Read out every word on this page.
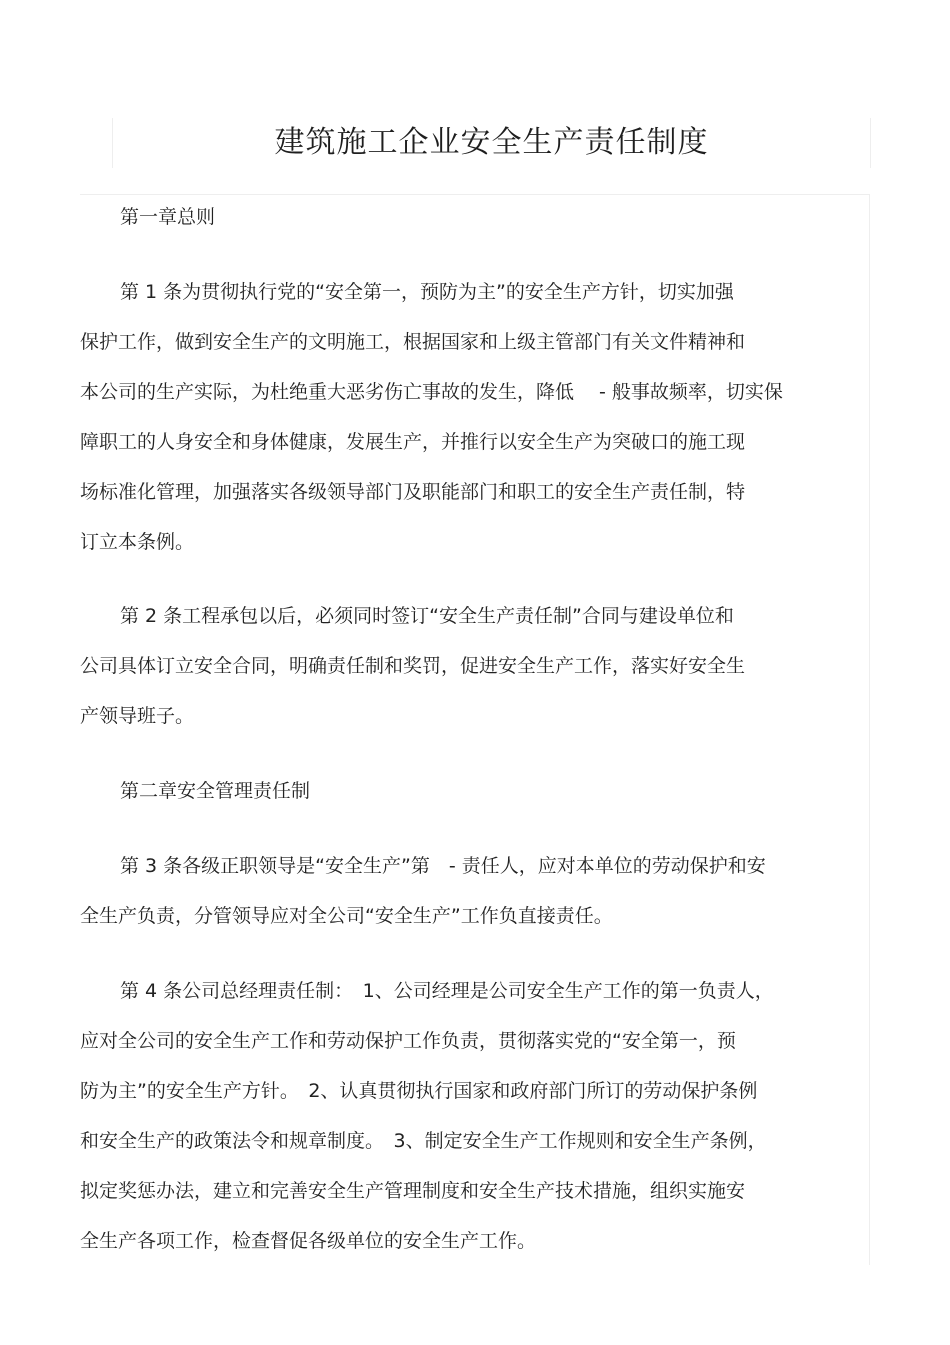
建筑施工企业安全生产责任制度
第一章总则
第 1 条为贯彻执行党的“安全第一，预防为主”的安全生产方针，切实加强
保护工作，做到安全生产的文明施工，根据国家和上级主管部门有关文件精神和
本公司的生产实际，为杜绝重大恶劣伤亡事故的发生，降低　 - 般事故频率，切实保
障职工的人身安全和身体健康，发展生产，并推行以安全生产为突破口的施工现
场标准化管理，加强落实各级领导部门及职能部门和职工的安全生产责任制，特
订立本条例。
第 2 条工程承包以后，必须同时签订“安全生产责任制”合同与建设单位和
公司具体订立安全合同，明确责任制和奖罚，促进安全生产工作，落实好安全生
产领导班子。
第二章安全管理责任制
第 3 条各级正职领导是“安全生产”第　- 责任人，应对本单位的劳动保护和安
全生产负责，分管领导应对全公司“安全生产”工作负直接责任。
第 4 条公司总经理责任制：　1、公司经理是公司安全生产工作的第一负责人，
应对全公司的安全生产工作和劳动保护工作负责，贯彻落实党的“安全第一，预
防为主”的安全生产方针。　2、认真贯彻执行国家和政府部门所订的劳动保护条例
和安全生产的政策法令和规章制度。　3、制定安全生产工作规则和安全生产条例，
拟定奖惩办法，建立和完善安全生产管理制度和安全生产技术措施，组织实施安
全生产各项工作，检查督促各级单位的安全生产工作。
